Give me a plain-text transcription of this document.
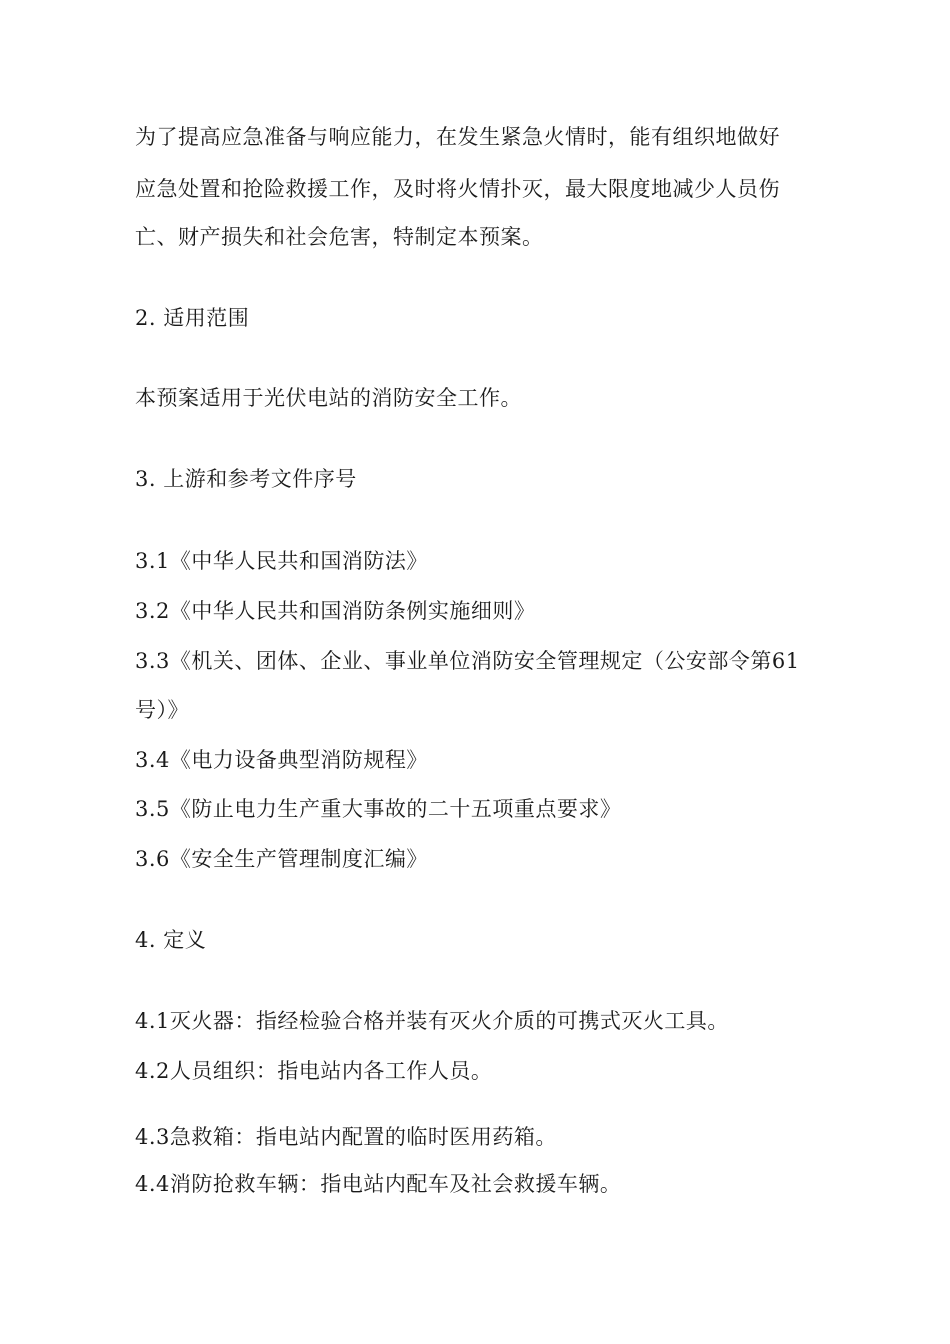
为了提高应急准备与响应能力，在发生紧急火情时，能有组织地做好
应急处置和抢险救援工作，及时将火情扑灭，最大限度地减少人员伤
亡、财产损失和社会危害，特制定本预案。
2. 适用范围
本预案适用于光伏电站的消防安全工作。
3. 上游和参考文件序号
3.1《中华人民共和国消防法》
3.2《中华人民共和国消防条例实施细则》
3.3《机关、团体、企业、事业单位消防安全管理规定（公安部令第61
号）》
3.4《电力设备典型消防规程》
3.5《防止电力生产重大事故的二十五项重点要求》
3.6《安全生产管理制度汇编》
4. 定义
4.1灭火器：指经检验合格并装有灭火介质的可携式灭火工具。
4.2人员组织：指电站内各工作人员。
4.3急救箱：指电站内配置的临时医用药箱。
4.4消防抢救车辆：指电站内配车及社会救援车辆。
